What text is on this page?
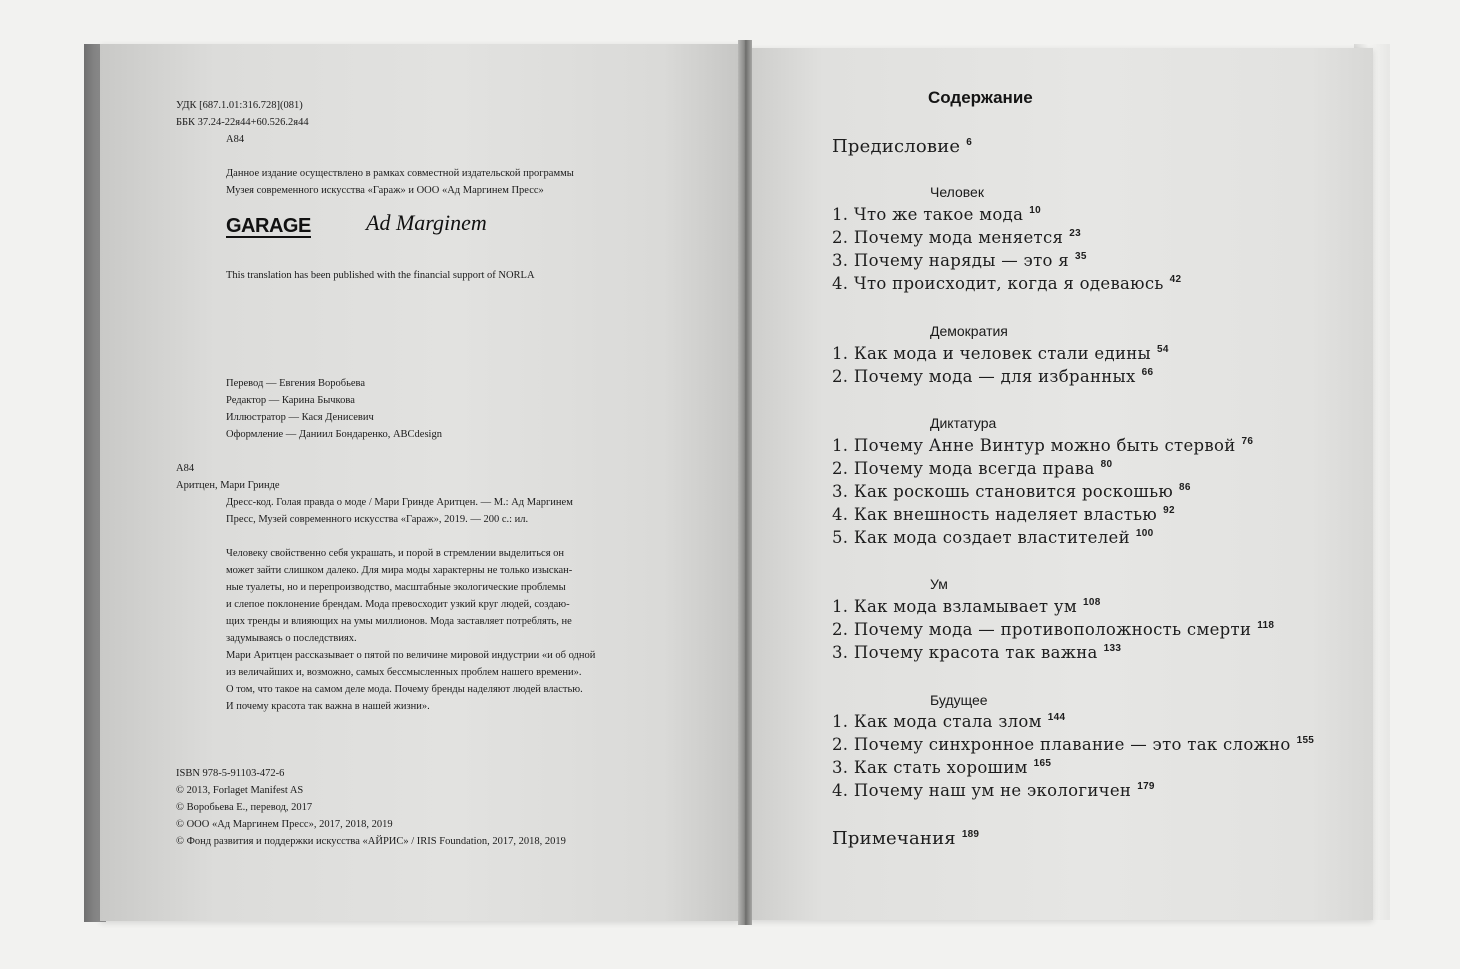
УДК [687.1.01:316.728](081)
ББК 37.24-22я44+60.526.2я44
А84
Данное издание осуществлено в рамках совместной издательской программы
Музея современного искусства «Гараж» и ООО «Ад Маргинем Пресс»
GARAGE	Ad Marginem
This translation has been published with the financial support of NORLA
Перевод — Евгения Воробьева
Редактор — Карина Бычкова
Иллюстратор — Кася Денисевич
Оформление — Даниил Бондаренко, ABCdesign
А84
Аритцен, Мари Гринде
Дресс-код. Голая правда о моде / Мари Гринде Аритцен. — М.: Ад Маргинем
Пресс, Музей современного искусства «Гараж», 2019. — 200 с.: ил.
Человеку свойственно себя украшать, и порой в стремлении выделиться он
может зайти слишком далеко. Для мира моды характерны не только изыскан-
ные туалеты, но и перепроизводство, масштабные экологические проблемы
и слепое поклонение брендам. Мода превосходит узкий круг людей, создаю-
щих тренды и влияющих на умы миллионов. Мода заставляет потреблять, не
задумываясь о последствиях.
Мари Аритцен рассказывает о пятой по величине мировой индустрии «и об одной
из величайших и, возможно, самых бессмысленных проблем нашего времени».
О том, что такое на самом деле мода. Почему бренды наделяют людей властью.
И почему красота так важна в нашей жизни».
ISBN 978-5-91103-472-6
© 2013, Forlaget Manifest AS
© Воробьева Е., перевод, 2017
© ООО «Ад Маргинем Пресс», 2017, 2018, 2019
© Фонд развития и поддержки искусства «АЙРИС» / IRIS Foundation, 2017, 2018, 2019
Содержание
Предисловие $^6$
Человек
1. Что же такое мода $^{10}$
2. Почему мода меняется $^{23}$
3. Почему наряды — это я $^{35}$
4. Что происходит, когда я одеваюсь $^{42}$
Демократия
1. Как мода и человек стали едины $^{54}$
2. Почему мода — для избранных $^{66}$
Диктатура
1. Почему Анне Винтур можно быть стервой $^{76}$
2. Почему мода всегда права $^{80}$
3. Как роскошь становится роскошью $^{86}$
4. Как внешность наделяет властью $^{92}$
5. Как мода создает властителей $^{100}$
Ум
1. Как мода взламывает ум $^{108}$
2. Почему мода — противоположность смерти $^{118}$
3. Почему красота так важна $^{133}$
Будущее
1. Как мода стала злом $^{144}$
2. Почему синхронное плавание — это так сложно $^{155}$
3. Как стать хорошим $^{165}$
4. Почему наш ум не экологичен $^{179}$
Примечания $^{189}$
